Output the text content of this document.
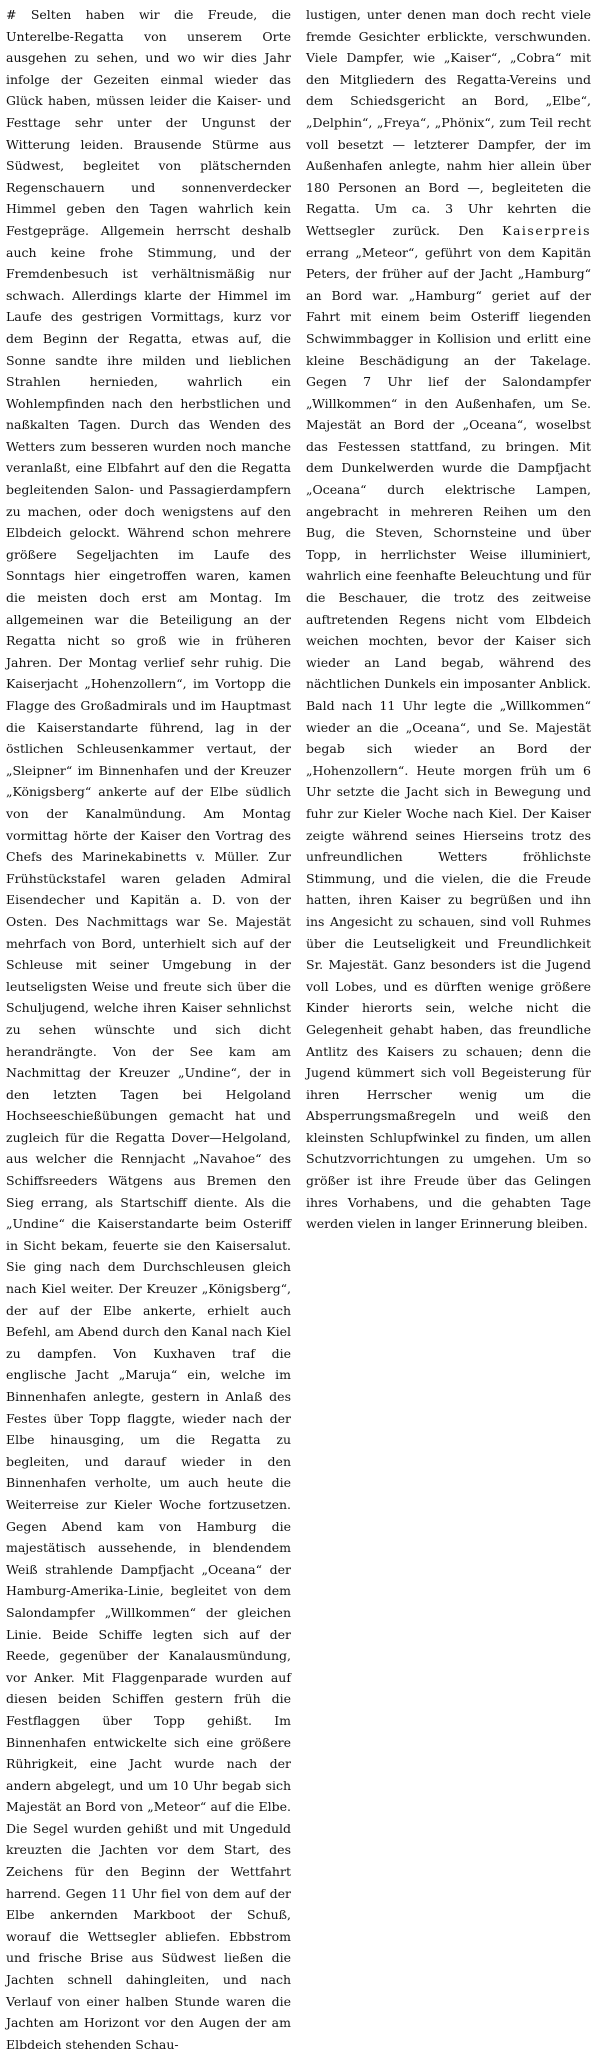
# Selten haben wir die Freude, die Unterelbe-Regatta von unserem Orte ausgehen zu sehen, und wo wir dies Jahr infolge der Gezeiten einmal wieder das Glück haben, müssen leider die Kaiser- und Festtage sehr unter der Ungunst der Witterung leiden. Brausende Stürme aus Südwest, begleitet von plätschernden Regenschauern und sonnenverdecker Himmel geben den Tagen wahrlich kein Festgepräge. Allgemein herrscht deshalb auch keine frohe Stimmung, und der Fremdenbesuch ist verhältnismäßig nur schwach. Allerdings klarte der Himmel im Laufe des gestrigen Vormittags, kurz vor dem Beginn der Regatta, etwas auf, die Sonne sandte ihre milden und lieblichen Strahlen hernieden, wahrlich ein Wohlempfinden nach den herbstlichen und naßkalten Tagen. Durch das Wenden des Wetters zum besseren wurden noch manche veranlaßt, eine Elbfahrt auf den die Regatta begleitenden Salon- und Passagierdampfern zu machen, oder doch wenigstens auf den Elbdeich gelockt. Während schon mehrere größere Segeljachten im Laufe des Sonntags hier eingetroffen waren, kamen die meisten doch erst am Montag. Im allgemeinen war die Beteiligung an der Regatta nicht so groß wie in früheren Jahren. Der Montag verlief sehr ruhig. Die Kaiserjacht „Hohenzollern“, im Vortopp die Flagge des Großadmirals und im Hauptmast die Kaiserstandarte führend, lag in der östlichen Schleusenkammer vertaut, der „Sleipner“ im Binnenhafen und der Kreuzer „Königsberg“ ankerte auf der Elbe südlich von der Kanalmündung. Am Montag vormittag hörte der Kaiser den Vortrag des Chefs des Marinekabinetts v. Müller. Zur Frühstückstafel waren geladen Admiral Eisendecher und Kapitän a. D. von der Osten. Des Nachmittags war Se. Majestät mehrfach von Bord, unterhielt sich auf der Schleuse mit seiner Umgebung in der leutseligsten Weise und freute sich über die Schuljugend, welche ihren Kaiser sehnlichst zu sehen wünschte und sich dicht herandrängte. Von der See kam am Nachmittag der Kreuzer „Undine“, der in den letzten Tagen bei Helgoland Hochseeschießübungen gemacht hat und zugleich für die Regatta Dover—Helgoland, aus welcher die Rennjacht „Navahoe“ des Schiffsreeders Wätgens aus Bremen den Sieg errang, als Startschiff diente. Als die „Undine“ die Kaiserstandarte beim Osteriff in Sicht bekam, feuerte sie den Kaisersalut. Sie ging nach dem Durchschleusen gleich nach Kiel weiter. Der Kreuzer „Königsberg“, der auf der Elbe ankerte, erhielt auch Befehl, am Abend durch den Kanal nach Kiel zu dampfen. Von Kuxhaven traf die englische Jacht „Maruja“ ein, welche im Binnenhafen anlegte, gestern in Anlaß des Festes über Topp flaggte, wieder nach der Elbe hinausging, um die Regatta zu begleiten, und darauf wieder in den Binnenhafen verholte, um auch heute die Weiterreise zur Kieler Woche fortzusetzen. Gegen Abend kam von Hamburg die majestätisch aussehende, in blendendem Weiß strahlende Dampfjacht „Oceana“ der Hamburg-Amerika-Linie, begleitet von dem Salondampfer „Willkommen“ der gleichen Linie. Beide Schiffe legten sich auf der Reede, gegenüber der Kanalausmündung, vor Anker. Mit Flaggenparade wurden auf diesen beiden Schiffen gestern früh die Festflaggen über Topp gehißt. Im Binnenhafen entwickelte sich eine größere Rührigkeit, eine Jacht wurde nach der andern abgelegt, und um 10 Uhr begab sich Majestät an Bord von „Meteor“ auf die Elbe. Die Segel wurden gehißt und mit Ungeduld kreuzten die Jachten vor dem Start, des Zeichens für den Beginn der Wettfahrt harrend. Gegen 11 Uhr fiel von dem auf der Elbe ankernden Markboot der Schuß, worauf die Wettsegler abliefen. Ebbstrom und frische Brise aus Südwest ließen die Jachten schnell dahingleiten, und nach Verlauf von einer halben Stunde waren die Jachten am Horizont vor den Augen der am Elbdeich stehenden Schau-

lustigen, unter denen man doch recht viele fremde Gesichter erblickte, verschwunden. Viele Dampfer, wie „Kaiser“, „Cobra“ mit den Mitgliedern des Regatta-Vereins und dem Schiedsgericht an Bord, „Elbe“, „Delphin“, „Freya“, „Phönix“, zum Teil recht voll besetzt — letzterer Dampfer, der im Außenhafen anlegte, nahm hier allein über 180 Personen an Bord —, begleiteten die Regatta. Um ca. 3 Uhr kehrten die Wettsegler zurück. Den Kaiserpreis errang „Meteor“, geführt von dem Kapitän Peters, der früher auf der Jacht „Hamburg“ an Bord war. „Hamburg“ geriet auf der Fahrt mit einem beim Osteriff liegenden Schwimmbagger in Kollision und erlitt eine kleine Beschädigung an der Takelage. Gegen 7 Uhr lief der Salondampfer „Willkommen“ in den Außenhafen, um Se. Majestät an Bord der „Oceana“, woselbst das Festessen stattfand, zu bringen. Mit dem Dunkelwerden wurde die Dampfjacht „Oceana“ durch elektrische Lampen, angebracht in mehreren Reihen um den Bug, die Steven, Schornsteine und über Topp, in herrlichster Weise illuminiert, wahrlich eine feenhafte Beleuchtung und für die Beschauer, die trotz des zeitweise auftretenden Regens nicht vom Elbdeich weichen mochten, bevor der Kaiser sich wieder an Land begab, während des nächtlichen Dunkels ein imposanter Anblick. Bald nach 11 Uhr legte die „Willkommen“ wieder an die „Oceana“, und Se. Majestät begab sich wieder an Bord der „Hohenzollern“. Heute morgen früh um 6 Uhr setzte die Jacht sich in Bewegung und fuhr zur Kieler Woche nach Kiel. Der Kaiser zeigte während seines Hierseins trotz des unfreundlichen Wetters fröhlichste Stimmung, und die vielen, die die Freude hatten, ihren Kaiser zu begrüßen und ihn ins Angesicht zu schauen, sind voll Ruhmes über die Leutseligkeit und Freundlichkeit Sr. Majestät. Ganz besonders ist die Jugend voll Lobes, und es dürften wenige größere Kinder hierorts sein, welche nicht die Gelegenheit gehabt haben, das freundliche Antlitz des Kaisers zu schauen; denn die Jugend kümmert sich voll Begeisterung für ihren Herrscher wenig um die Absperrungsmaßregeln und weiß den kleinsten Schlupfwinkel zu finden, um allen Schutzvorrichtungen zu umgehen. Um so größer ist ihre Freude über das Gelingen ihres Vorhabens, und die gehabten Tage werden vielen in langer Erinnerung bleiben.
